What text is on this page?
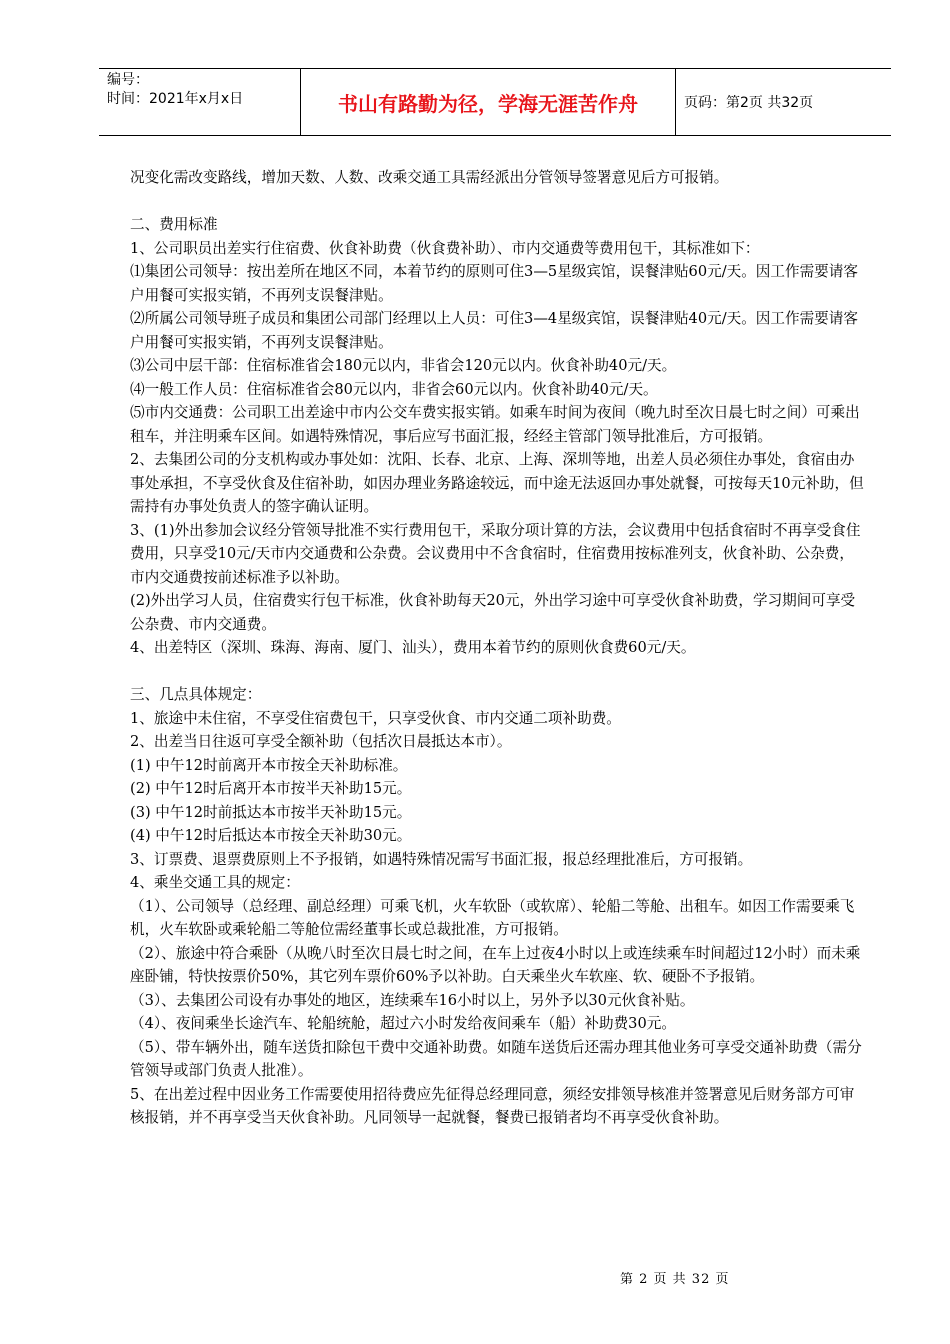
编号：
时间：2021年x月x日	书山有路勤为径，学海无涯苦作舟	页码：第2页 共32页

况变化需改变路线，增加天数、人数、改乘交通工具需经派出分管领导签署意见后方可报销。

二、费用标准

1、公司职员出差实行住宿费、伙食补助费（伙食费补助）、市内交通费等费用包干，其标准如下：

⑴集团公司领导：按出差所在地区不同，本着节约的原则可住3—5星级宾馆，误餐津贴60元/天。因工作需要请客户用餐可实报实销，不再列支误餐津贴。

⑵所属公司领导班子成员和集团公司部门经理以上人员：可住3—4星级宾馆，误餐津贴40元/天。因工作需要请客户用餐可实报实销，不再列支误餐津贴。

⑶公司中层干部：住宿标准省会180元以内，非省会120元以内。伙食补助40元/天。

⑷一般工作人员：住宿标准省会80元以内，非省会60元以内。伙食补助40元/天。

⑸市内交通费：公司职工出差途中市内公交车费实报实销。如乘车时间为夜间（晚九时至次日晨七时之间）可乘出租车，并注明乘车区间。如遇特殊情况，事后应写书面汇报，经经主管部门领导批准后，方可报销。

2、去集团公司的分支机构或办事处如：沈阳、长春、北京、上海、深圳等地，出差人员必须住办事处，食宿由办事处承担，不享受伙食及住宿补助，如因办理业务路途较远，而中途无法返回办事处就餐，可按每天10元补助，但需持有办事处负责人的签字确认证明。

3、(1)外出参加会议经分管领导批准不实行费用包干，采取分项计算的方法，会议费用中包括食宿时不再享受食住费用，只享受10元/天市内交通费和公杂费。会议费用中不含食宿时，住宿费用按标准列支，伙食补助、公杂费，市内交通费按前述标准予以补助。

(2)外出学习人员，住宿费实行包干标准，伙食补助每天20元，外出学习途中可享受伙食补助费，学习期间可享受公杂费、市内交通费。

4、出差特区（深圳、珠海、海南、厦门、汕头），费用本着节约的原则伙食费60元/天。

三、几点具体规定：

1、旅途中未住宿，不享受住宿费包干，只享受伙食、市内交通二项补助费。

2、出差当日往返可享受全额补助（包括次日晨抵达本市）。

(1) 中午12时前离开本市按全天补助标准。

(2) 中午12时后离开本市按半天补助15元。

(3) 中午12时前抵达本市按半天补助15元。

(4) 中午12时后抵达本市按全天补助30元。

3、订票费、退票费原则上不予报销，如遇特殊情况需写书面汇报，报总经理批准后，方可报销。

4、乘坐交通工具的规定：

（1）、公司领导（总经理、副总经理）可乘飞机，火车软卧（或软席）、轮船二等舱、出租车。如因工作需要乘飞机，火车软卧或乘轮船二等舱位需经董事长或总裁批准，方可报销。

（2）、旅途中符合乘卧（从晚八时至次日晨七时之间，在车上过夜4小时以上或连续乘车时间超过12小时）而未乘座卧铺，特快按票价50%，其它列车票价60%予以补助。白天乘坐火车软座、软、硬卧不予报销。

（3）、去集团公司设有办事处的地区，连续乘车16小时以上，另外予以30元伙食补贴。

（4）、夜间乘坐长途汽车、轮船统舱，超过六小时发给夜间乘车（船）补助费30元。

（5）、带车辆外出，随车送货扣除包干费中交通补助费。如随车送货后还需办理其他业务可享受交通补助费（需分管领导或部门负责人批准）。

5、在出差过程中因业务工作需要使用招待费应先征得总经理同意，须经安排领导核准并签署意见后财务部方可审核报销，并不再享受当天伙食补助。凡同领导一起就餐，餐费已报销者均不再享受伙食补助。

第 2 页 共 32 页
